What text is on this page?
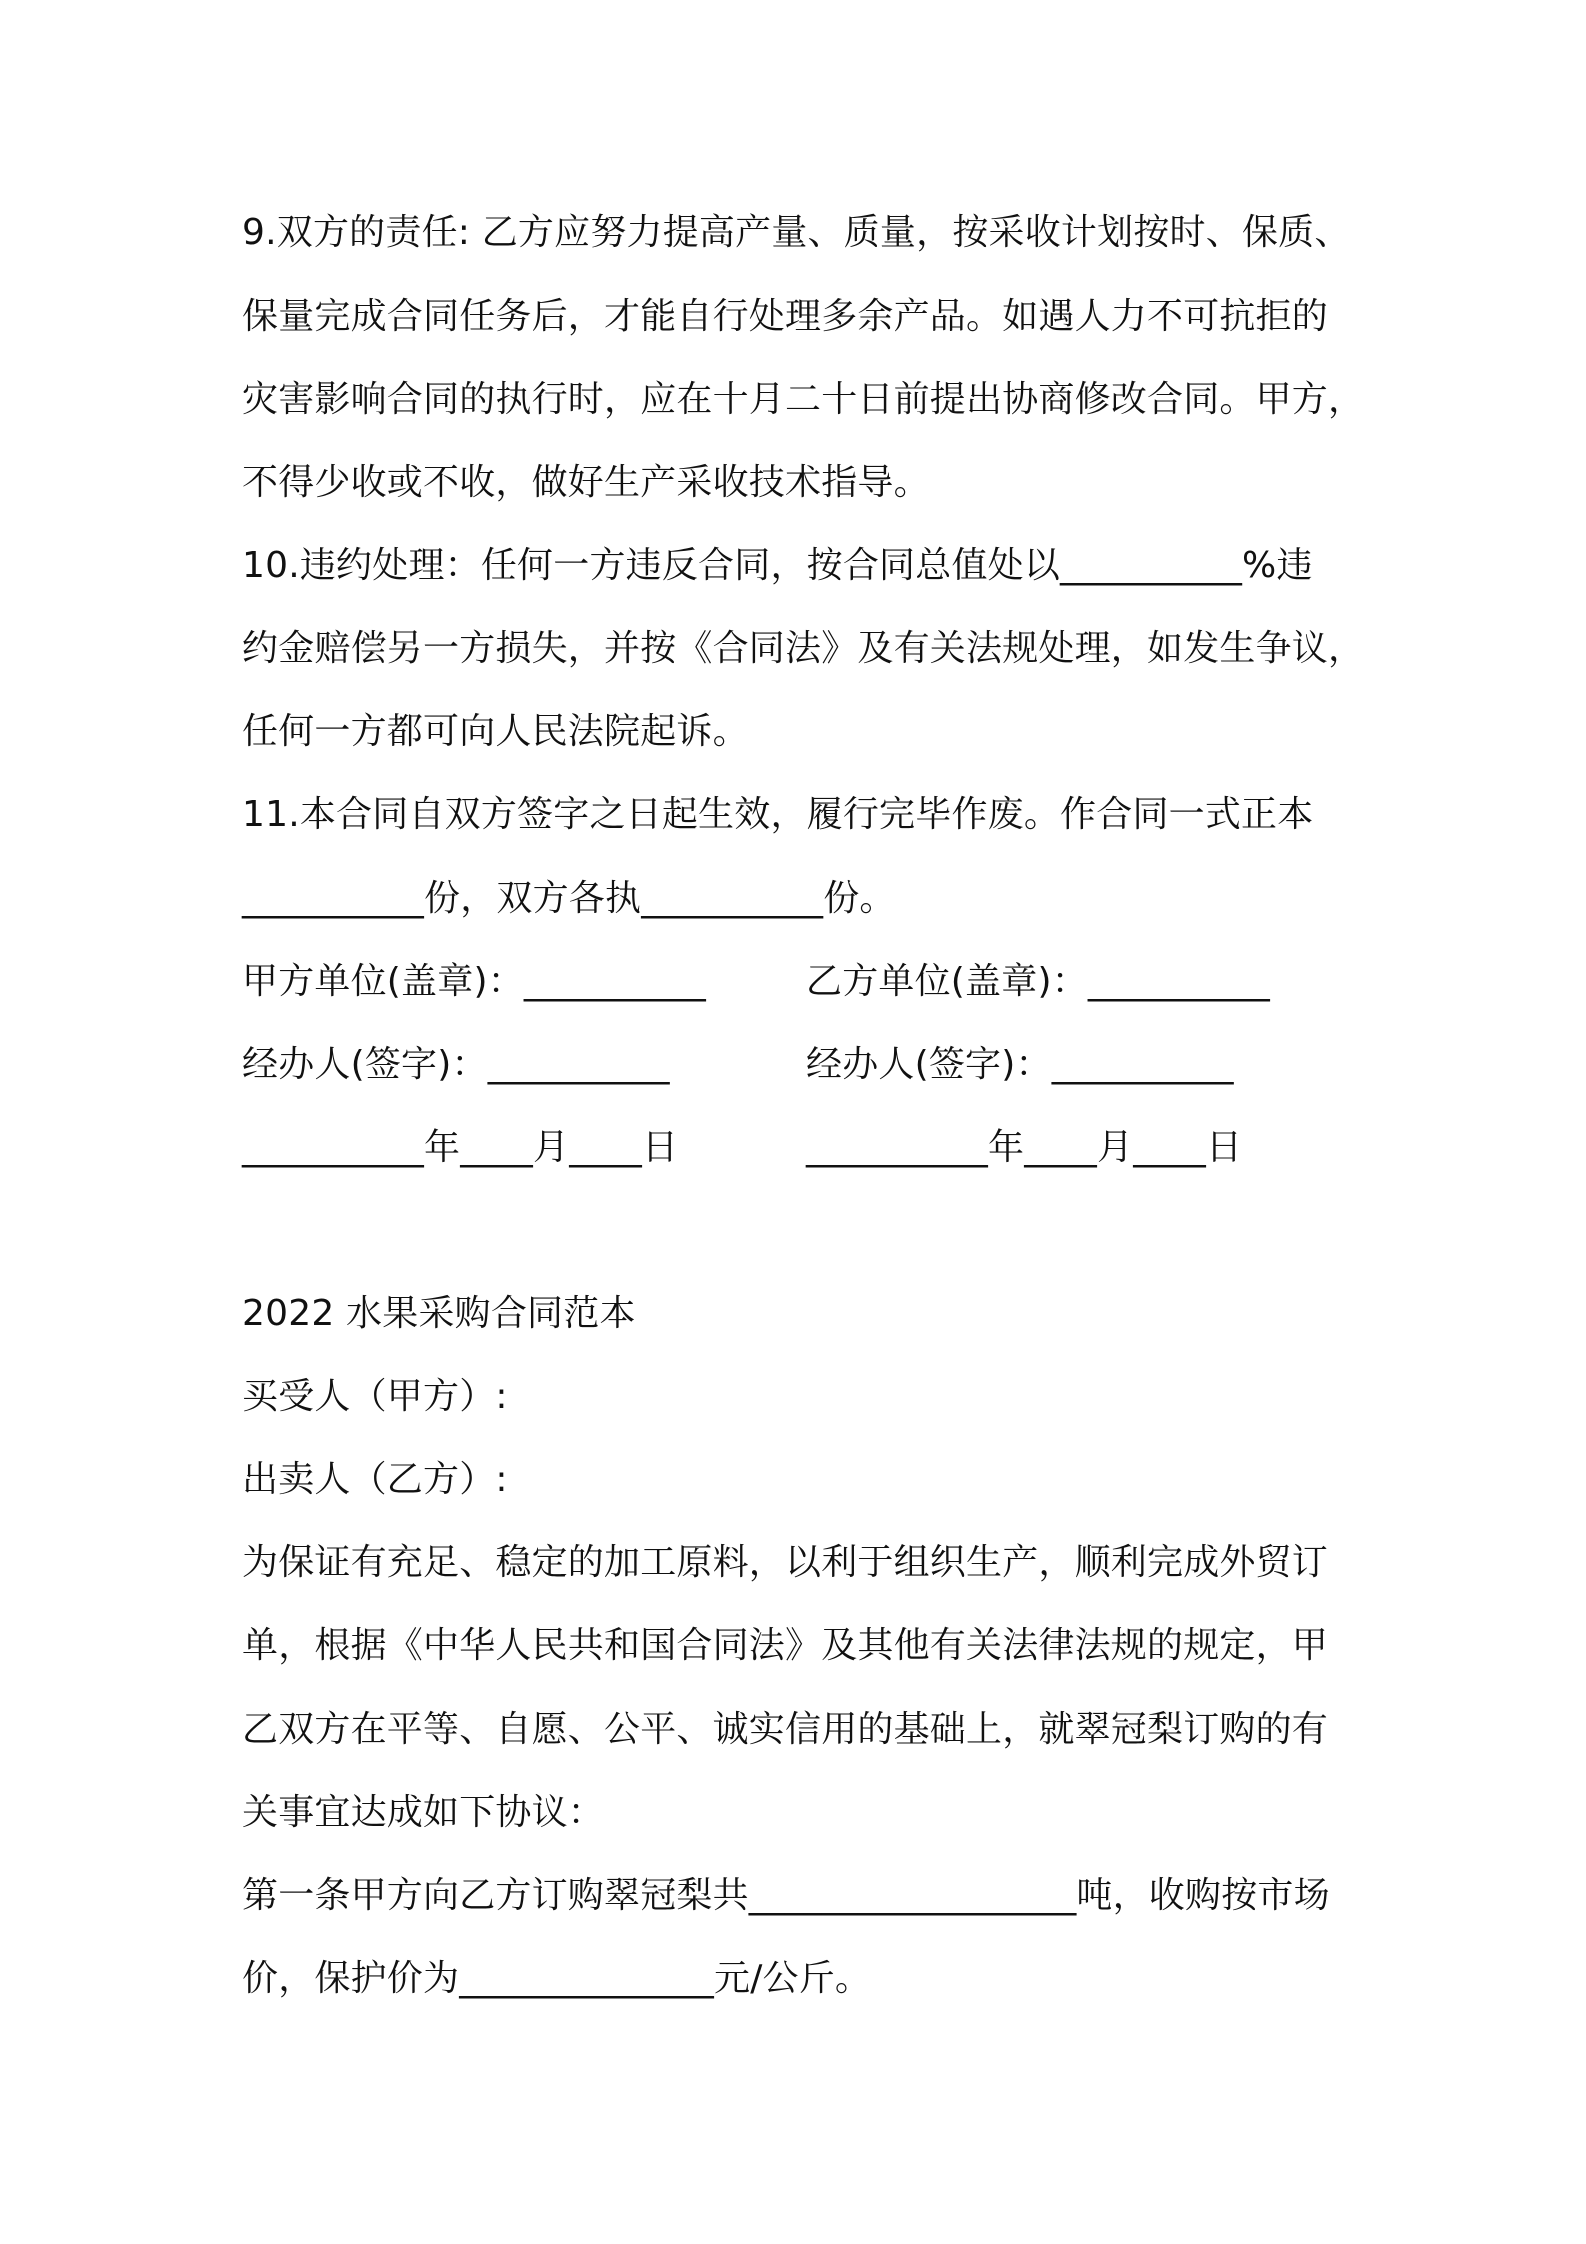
9.双方的责任: 乙方应努力提高产量、质量，按采收计划按时、保质、
保量完成合同任务后，才能自行处理多余产品。如遇人力不可抗拒的
灾害影响合同的执行时，应在十月二十日前提出协商修改合同。甲方，
不得少收或不收，做好生产采收技术指导。
10.违约处理：任何一方违反合同，按合同总值处以__________%违
约金赔偿另一方损失，并按《合同法》及有关法规处理，如发生争议，
任何一方都可向人民法院起诉。
11.本合同自双方签字之日起生效，履行完毕作废。作合同一式正本
__________份，双方各执__________份。
甲方单位(盖章)：__________	乙方单位(盖章)：__________
经办人(签字)：__________	经办人(签字)：__________
__________年____月____日	__________年____月____日
2022 水果采购合同范本
买受人（甲方）:
出卖人（乙方）:
为保证有充足、稳定的加工原料，以利于组织生产，顺利完成外贸订
单，根据《中华人民共和国合同法》及其他有关法律法规的规定，甲
乙双方在平等、自愿、公平、诚实信用的基础上，就翠冠梨订购的有
关事宜达成如下协议：
第一条甲方向乙方订购翠冠梨共__________________吨，收购按市场
价，保护价为______________元/公斤。
